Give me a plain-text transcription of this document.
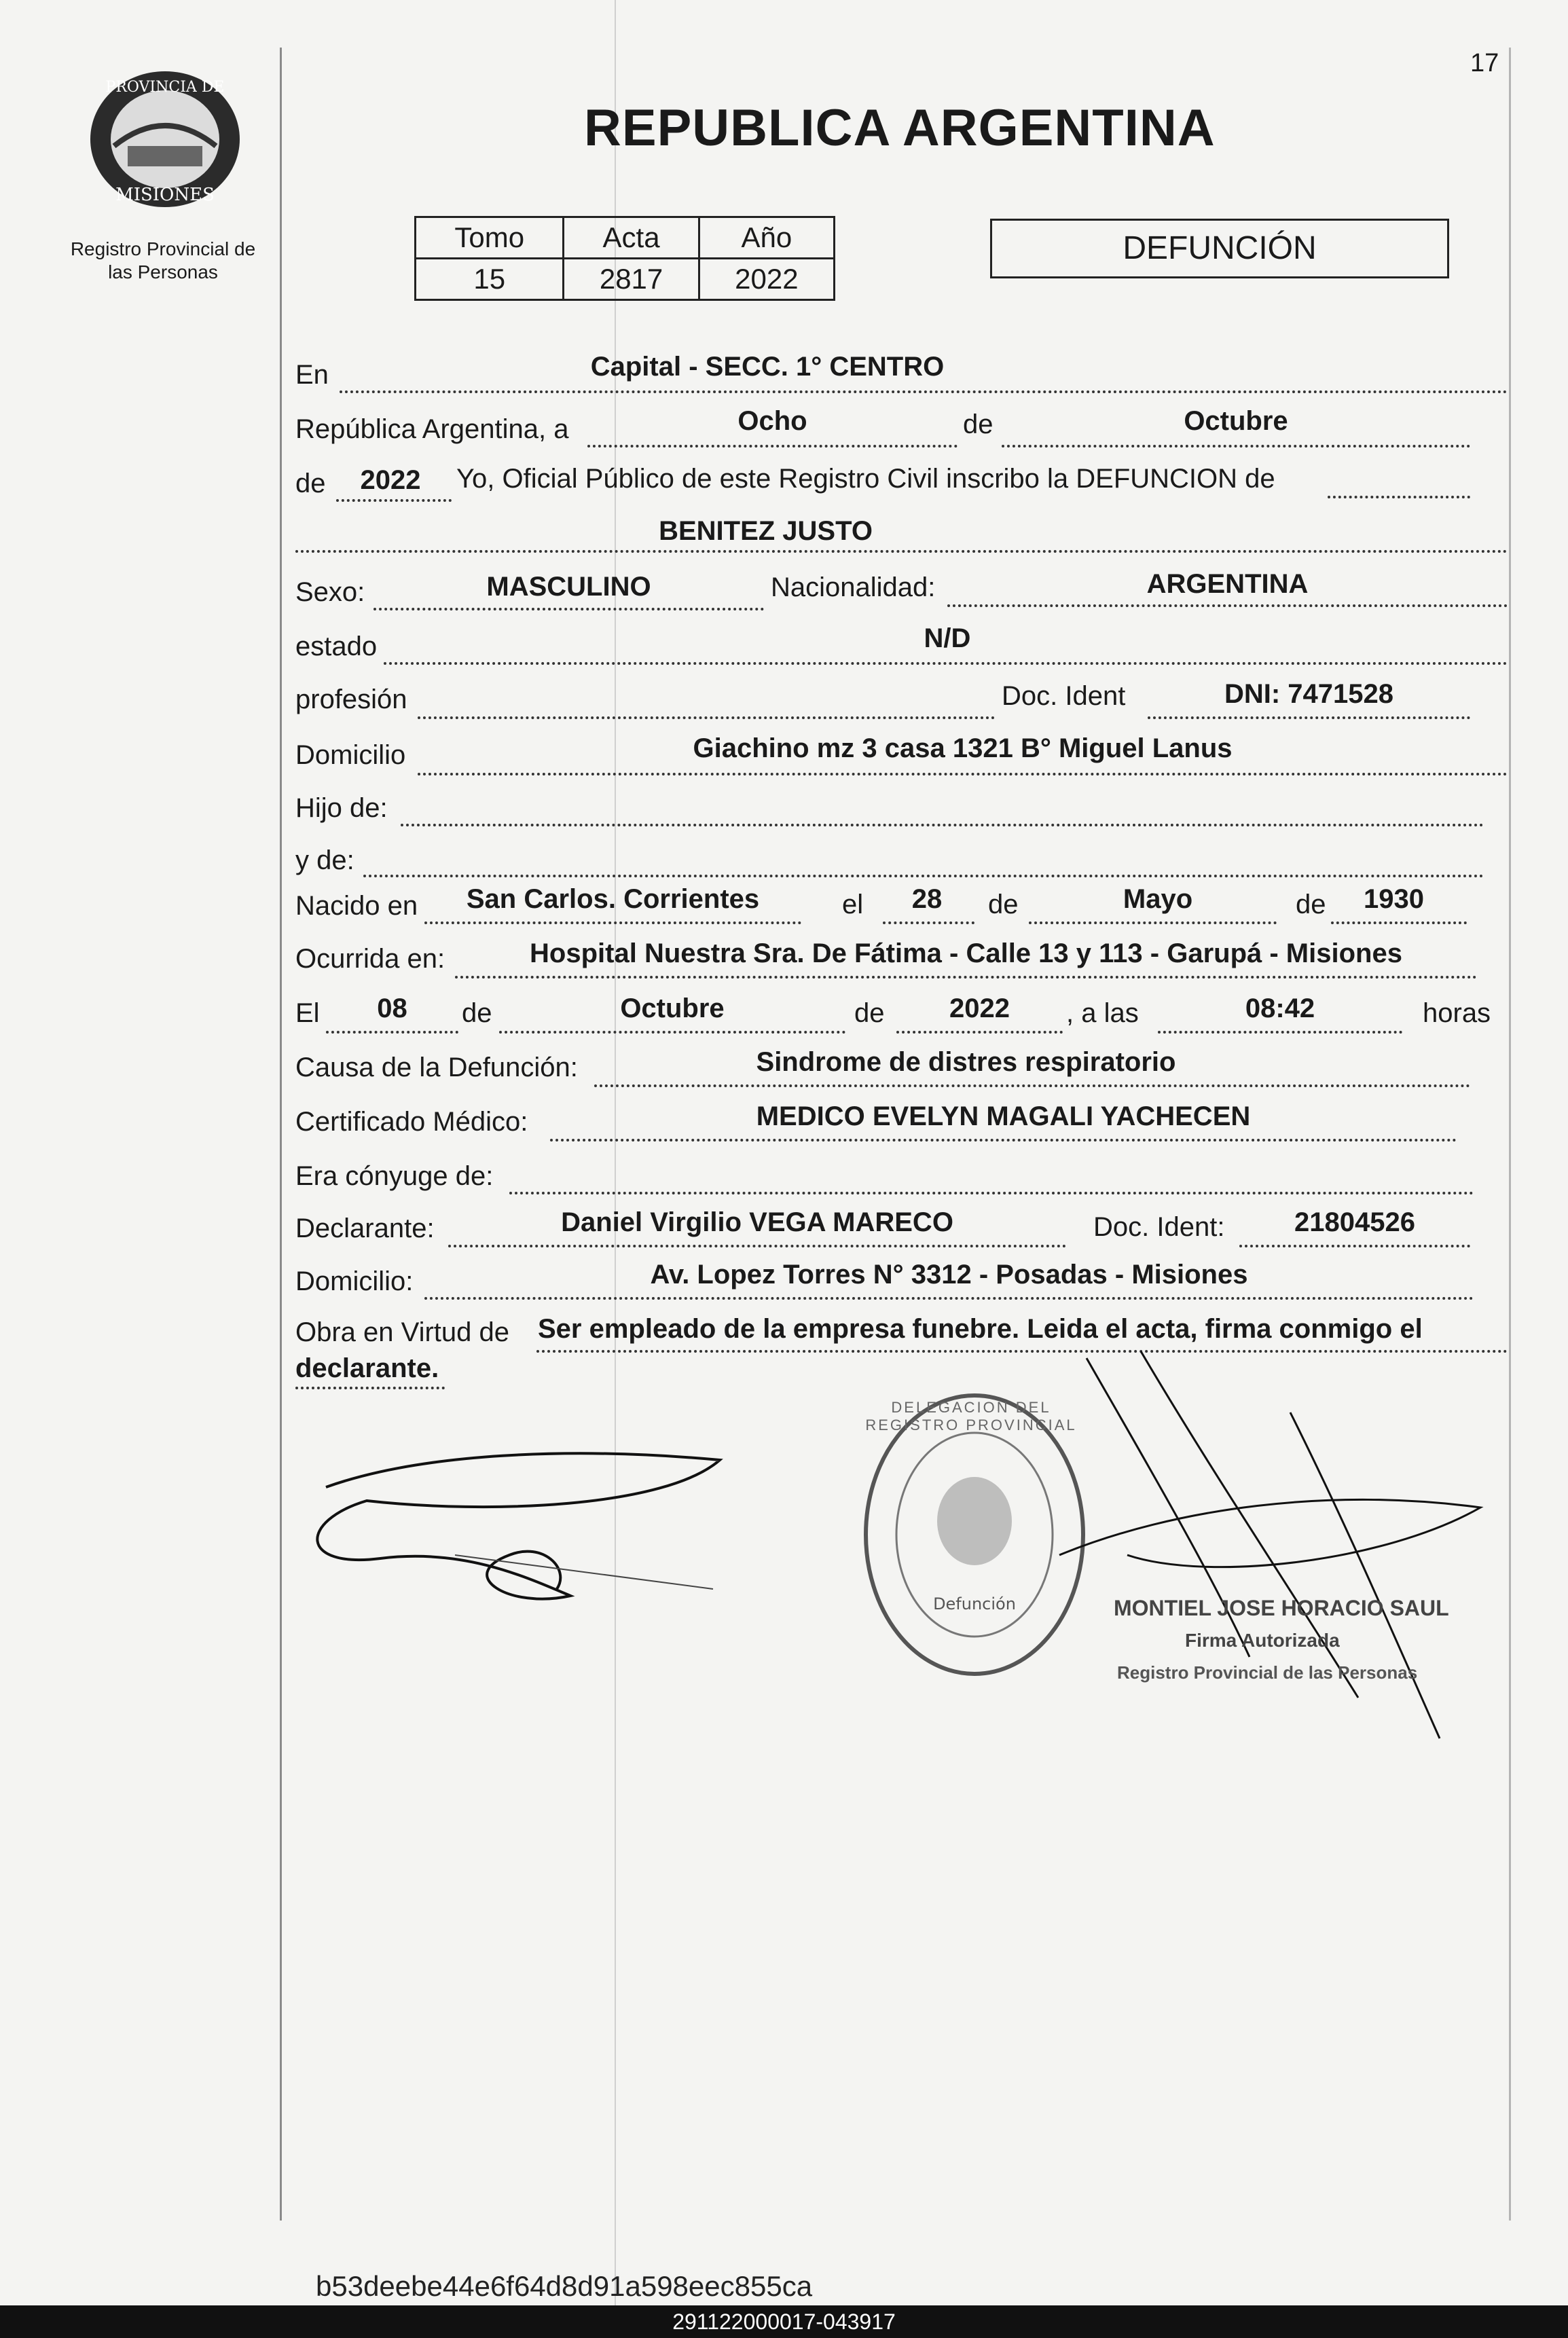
17
PROVINCIA DE
MISIONES
Registro Provincial de
las Personas
REPUBLICA ARGENTINA
Tomo	Acta	Año
15	2817	2022
DEFUNCIÓN
En	Capital - SECC. 1° CENTRO
República Argentina, a	Ocho	de	Octubre
de	2022	Yo, Oficial Público de este Registro Civil inscribo la DEFUNCION de
BENITEZ JUSTO
Sexo:	MASCULINO	Nacionalidad:	ARGENTINA
estado	N/D
profesión	Doc. Ident	DNI: 7471528
Domicilio	Giachino mz 3 casa 1321 B° Miguel Lanus
Hijo de:
y de:
Nacido en	San Carlos. Corrientes	el	28	de	Mayo	de	1930
Ocurrida en:	Hospital Nuestra Sra. De Fátima - Calle 13 y 113 - Garupá - Misiones
El	08	de	Octubre	de	2022	, a las	08:42	horas
Causa de la Defunción:	Sindrome de distres respiratorio
Certificado Médico:	MEDICO EVELYN MAGALI YACHECEN
Era cónyuge de:
Declarante:	Daniel Virgilio VEGA MARECO	Doc. Ident:	21804526
Domicilio:	Av. Lopez Torres N° 3312 - Posadas - Misiones
Obra en Virtud de Ser empleado de la empresa funebre. Leida el acta, firma conmigo el
declarante.
Defunción
DELEGACION DEL REGISTRO PROVINCIAL
MONTIEL JOSE HORACIO SAUL
Firma Autorizada
Registro Provincial de las Personas
b53deebe44e6f64d8d91a598eec855ca
291122000017-043917
